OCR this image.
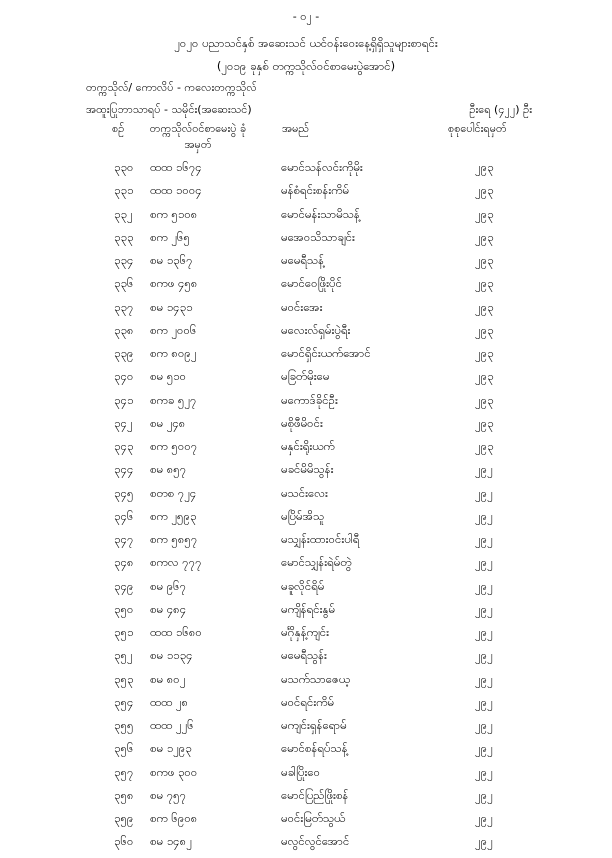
- ၀၂ -
၂၀၂၀ ပညာသင်နှစ် အဆေးသင် ယင်ဝန်းဝေးနေ့ရှိရှိသူများစာရင်း
(၂၀၁၉ ခုနှစ် တက္ကသိုလ်ဝင်စာမေးပွဲအောင်)
တက္ကသိုလ်/ ကောလိပ် - ကလေးတက္ကသိုလ်
အထူးပြုဘာသာရပ် - သမိုင်း(အဆေးသင်)	ဦးရေ (၄၂၂) ဦး
စဉ် တက္ကသိုလ်ဝင်စာမေးပွဲ ခုံအမှတ်
အမည်	စုစုပေါင်းရမှတ်
၃၃၀ ထထ ၁၆၇၄	မောင်သန်လင်းကိုမိုး	၂၉၃
၃၃၁ ထထ ၁၀၀၄	မန်စံရင်းစန်းကိမ်	၂၉၃
၃၃၂ စက ၅၁၀၈	မောင်မန်းသာမိသန့်	၂၉၃
၃၃၃ စက ၂၆၅	မအေ၀သိသာချင်း	၂၉၃
၃၃၄ စမ ၁၃၆၇	မမေရီသန့်	၂၉၃
၃၃၆ စကဖ ၄၅၈	မောင်ဝေဖြိုးပိုင်	၂၉၃
၃၃၇ စမ ၁၄၃၁	မဝင်းအေး	၂၉၃
၃၃၈ စက ၂၀၀၆	မလေးလ်ရှမ်းပွဲရီး	၂၉၃
၃၃၉ စက ၈၀၉၂	မောင်ရှိင်းယက်အောင်	၂၉၃
၃၄၀ စမ ၅၁၀	မခြတ်မိုးမေ	၂၉၃
၃၄၁ စကခ ၅၂၇	မကောဒ်ခိုင်ဦး	၂၉၃
၃၄၂ စမ ၂၄၈	မစိုဖီမိဝင်း	၂၉၃
၃၄၃ စက ၅၀၀၇	မနှင်းရိုးယက်	၂၉၃
၃၄၄ စမ ၈၅၇	မခင်မိမိသွန်း	၂၉၂
၃၄၅ စတစ ၇၂၄	မသင်းလေး	၂၉၂
၃၄၆ စက ၂၅၉၃	မပြိမ်အိသူ	၂၉၂
၃၄၇ စက ၅၈၅၇	မသျှန်းထားဝင်းပါရီ	၂၉၂
၃၄၈ စကလ ၇၇၇	မောင်သျှန်းရဲမ်တွဲ	၂၉၂
၃၄၉ စမ ၉၆၇	မခူလိုင်ရိမ်	၂၉၂
၃၅၀ စမ ၄၈၄	မကျိန်ရင်းနွမ်	၂၉၂
၃၅၁ ထထ ၁၆၈၀	မင်္ဂိုနှန့်ကျင်း	၂၉၂
၃၅၂ စမ ၁၁၃၄	မမေရီသွန်း	၂၉၂
၃၅၃ စမ ၈၀၂	မသက်သာဇေယ့	၂၉၂
၃၅၄ ထထ ၂၈	မဝင်ရင်းကိမ်	၂၉၂
၃၅၅ ထထ ၂၂၆	မကျင်းရှန်ရောမ်	၂၉၂
၃၅၆ စမ ၁၂၉၃	မောင်စန်ရပ်သန့်	၂၉၂
၃၅၇ စကဖ ၃၀၀	မခါပြိုးဝေ	၂၉၂
၃၅၈ စမ ၇၅၇	မောင်ပြည်ဖြိုးစန်	၂၉၂
၃၅၉ စက ၆၉၀၈	မဝင်းမြတ်သွယ်	၂၉၂
၃၆၀ စမ ၁၄၈၂	မလွင်လွင်အောင်	၂၉၂
